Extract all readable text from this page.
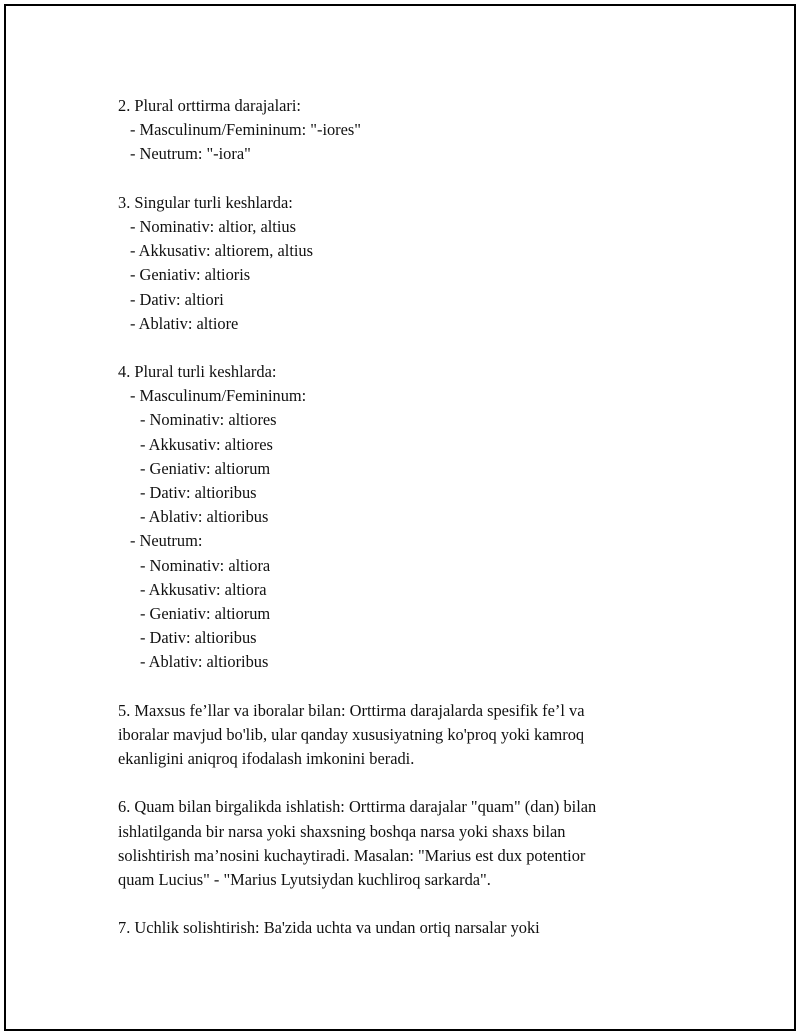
2. Plural orttirma darajalari:
- Masculinum/Femininum: "-iores"
- Neutrum: "-iora"
3. Singular turli keshlarda:
- Nominativ: altior, altius
- Akkusativ: altiorem, altius
- Geniativ: altioris
- Dativ: altiori
- Ablativ: altiore
4. Plural turli keshlarda:
- Masculinum/Femininum:
- Nominativ: altiores
- Akkusativ: altiores
- Geniativ: altiorum
- Dativ: altioribus
- Ablativ: altioribus
- Neutrum:
- Nominativ: altiora
- Akkusativ: altiora
- Geniativ: altiorum
- Dativ: altioribus
- Ablativ: altioribus
5. Maxsus fe’llar va iboralar bilan: Orttirma darajalarda spesifik fe’l va
iboralar mavjud bo'lib, ular qanday xususiyatning ko'proq yoki kamroq
ekanligini aniqroq ifodalash imkonini beradi.
6. Quam bilan birgalikda ishlatish: Orttirma darajalar "quam" (dan) bilan
ishlatilganda bir narsa yoki shaxsning boshqa narsa yoki shaxs bilan
solishtirish ma’nosini kuchaytiradi. Masalan: "Marius est dux potentior
quam Lucius" - "Marius Lyutsiydan kuchliroq sarkarda".
7. Uchlik solishtirish: Ba'zida uchta va undan ortiq narsalar yoki
